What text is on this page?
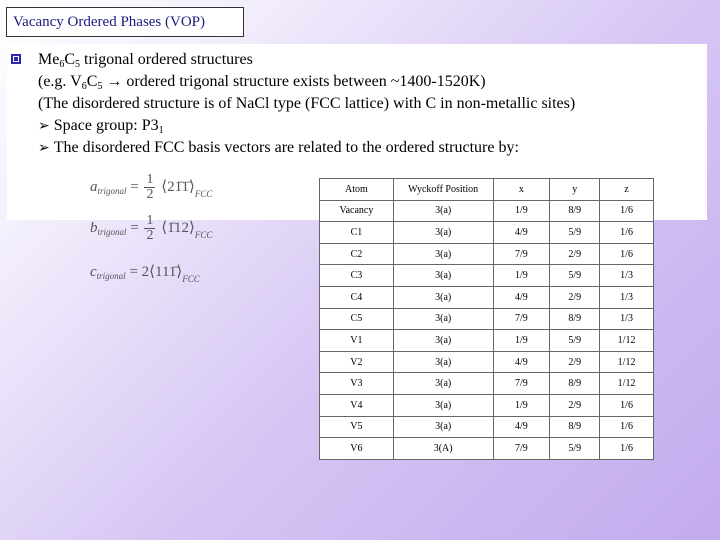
Vacancy Ordered Phases (VOP)
$Me_6C_5$ trigonal ordered structures
(e.g. $V_6C_5$ → ordered trigonal structure exists between ~1400-1520K)
(The disordered structure is of NaCl type (FCC lattice) with C in non-metallic sites)
➢ Space group: $P3_1$
➢ The disordered FCC basis vectors are related to the ordered structure by:
$a_{trigonal} = \frac{1}{2}$ $⟨21̄1̄⟩_{FCC}$
$b_{trigonal} = \frac{1}{2}$ $⟨1̄12⟩_{FCC}$
$c_{trigonal}$ = $2⟨111̄⟩_{FCC}$
Atom	Wyckoff Position	x	y	z
Vacancy	3(a)	1/9	8/9	1/6
C1	3(a)	4/9	5/9	1/6
C2	3(a)	7/9	2/9	1/6
C3	3(a)	1/9	5/9	1/3
C4	3(a)	4/9	2/9	1/3
C5	3(a)	7/9	8/9	1/3
V1	3(a)	1/9	5/9	1/12
V2	3(a)	4/9	2/9	1/12
V3	3(a)	7/9	8/9	1/12
V4	3(a)	1/9	2/9	1/6
V5	3(a)	4/9	8/9	1/6
V6	3(A)	7/9	5/9	1/6
